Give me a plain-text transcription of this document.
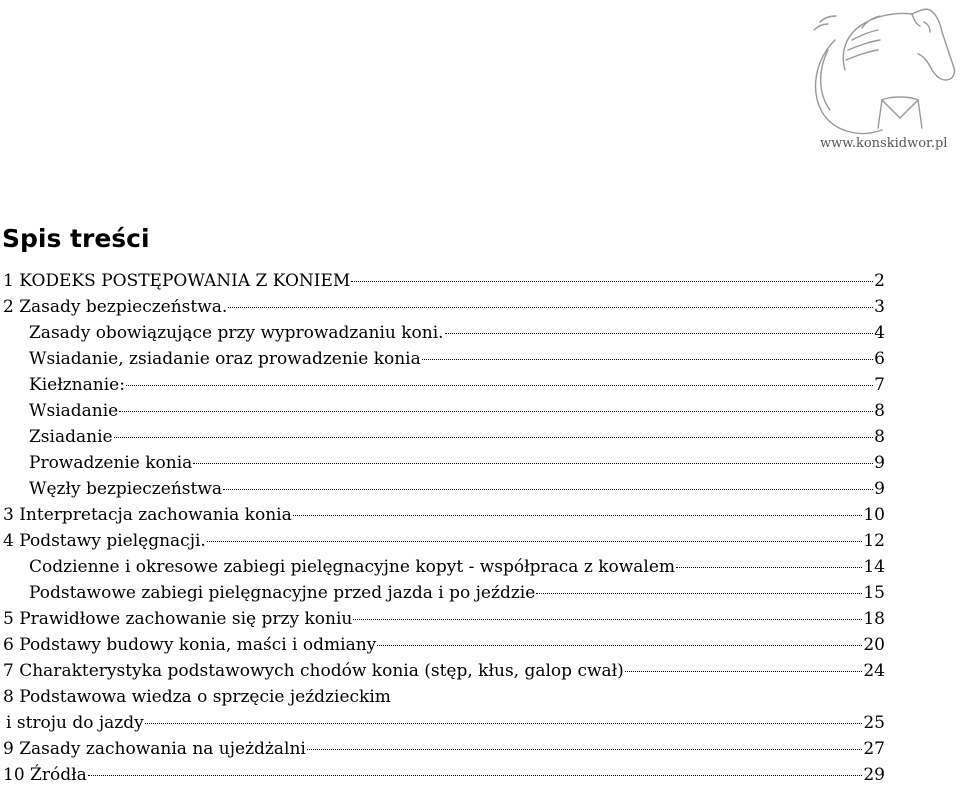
www.konskidwor.pl
Spis treści
1 KODEKS POSTĘPOWANIA Z KONIEM	2
2 Zasady bezpieczeństwa.	3
Zasady obowiązujące przy wyprowadzaniu koni.	4
Wsiadanie, zsiadanie oraz prowadzenie konia	6
Kiełznanie:	7
Wsiadanie	8
Zsiadanie	8
Prowadzenie konia	9
Węzły bezpieczeństwa	9
3 Interpretacja zachowania konia	10
4 Podstawy pielęgnacji.	12
Codzienne i okresowe zabiegi pielęgnacyjne kopyt - współpraca z kowalem	14
Podstawowe zabiegi pielęgnacyjne przed jazda i po jeździe	15
5 Prawidłowe zachowanie się przy koniu	18
6 Podstawy budowy konia, maści i odmiany	20
7 Charakterystyka podstawowych chodów konia (stęp, kłus, galop cwał)	24
8 Podstawowa wiedza o sprzęcie jeździeckim
i stroju do jazdy	25
9 Zasady zachowania na ujeżdżalni	27
10 Źródła	29
